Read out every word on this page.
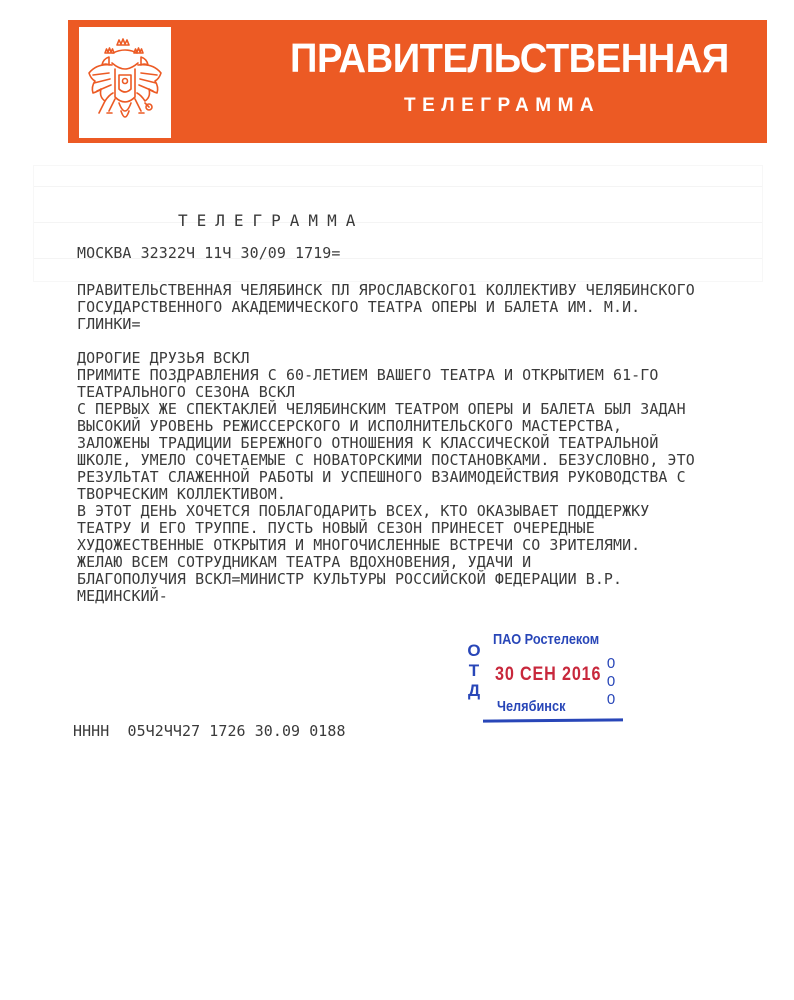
ПРАВИТЕЛЬСТВЕННАЯ
ТЕЛЕГРАММА
ТЕЛЕГРАММА
МОСКВА 32322Ч 11Ч 30/09 1719=
ПРАВИТЕЛЬСТВЕННАЯ ЧЕЛЯБИНСК ПЛ ЯРОСЛАВСКОГО1 КОЛЛЕКТИВУ ЧЕЛЯБИНСКОГО
ГОСУДАРСТВЕННОГО АКАДЕМИЧЕСКОГО ТЕАТРА ОПЕРЫ И БАЛЕТА ИМ. М.И.
ГЛИНКИ=
ДОРОГИЕ ДРУЗЬЯ ВСКЛ
ПРИМИТЕ ПОЗДРАВЛЕНИЯ С 60-ЛЕТИЕМ ВАШЕГО ТЕАТРА И ОТКРЫТИЕМ 61-ГО
ТЕАТРАЛЬНОГО СЕЗОНА ВСКЛ
С ПЕРВЫХ ЖЕ СПЕКТАКЛЕЙ ЧЕЛЯБИНСКИМ ТЕАТРОМ ОПЕРЫ И БАЛЕТА БЫЛ ЗАДАН
ВЫСОКИЙ УРОВЕНЬ РЕЖИССЕРСКОГО И ИСПОЛНИТЕЛЬСКОГО МАСТЕРСТВА,
ЗАЛОЖЕНЫ ТРАДИЦИИ БЕРЕЖНОГО ОТНОШЕНИЯ К КЛАССИЧЕСКОЙ ТЕАТРАЛЬНОЙ
ШКОЛЕ, УМЕЛО СОЧЕТАЕМЫЕ С НОВАТОРСКИМИ ПОСТАНОВКАМИ. БЕЗУСЛОВНО, ЭТО
РЕЗУЛЬТАТ СЛАЖЕННОЙ РАБОТЫ И УСПЕШНОГО ВЗАИМОДЕЙСТВИЯ РУКОВОДСТВА С
ТВОРЧЕСКИМ КОЛЛЕКТИВОМ.
В ЭТОТ ДЕНЬ ХОЧЕТСЯ ПОБЛАГОДАРИТЬ ВСЕХ, КТО ОКАЗЫВАЕТ ПОДДЕРЖКУ
ТЕАТРУ И ЕГО ТРУППЕ. ПУСТЬ НОВЫЙ СЕЗОН ПРИНЕСЕТ ОЧЕРЕДНЫЕ
ХУДОЖЕСТВЕННЫЕ ОТКРЫТИЯ И МНОГОЧИСЛЕННЫЕ ВСТРЕЧИ СО ЗРИТЕЛЯМИ.
ЖЕЛАЮ ВСЕМ СОТРУДНИКАМ ТЕАТРА ВДОХНОВЕНИЯ, УДАЧИ И
БЛАГОПОЛУЧИЯ ВСКЛ=МИНИСТР КУЛЬТУРЫ РОССИЙСКОЙ ФЕДЕРАЦИИ В.Р.
МЕДИНСКИЙ-
ПАО Ростелеком
О
Т
Д
30 СЕН 2016
0
0
0
Челябинск
НННН  05Ч2ЧЧ27 1726 30.09 0188
